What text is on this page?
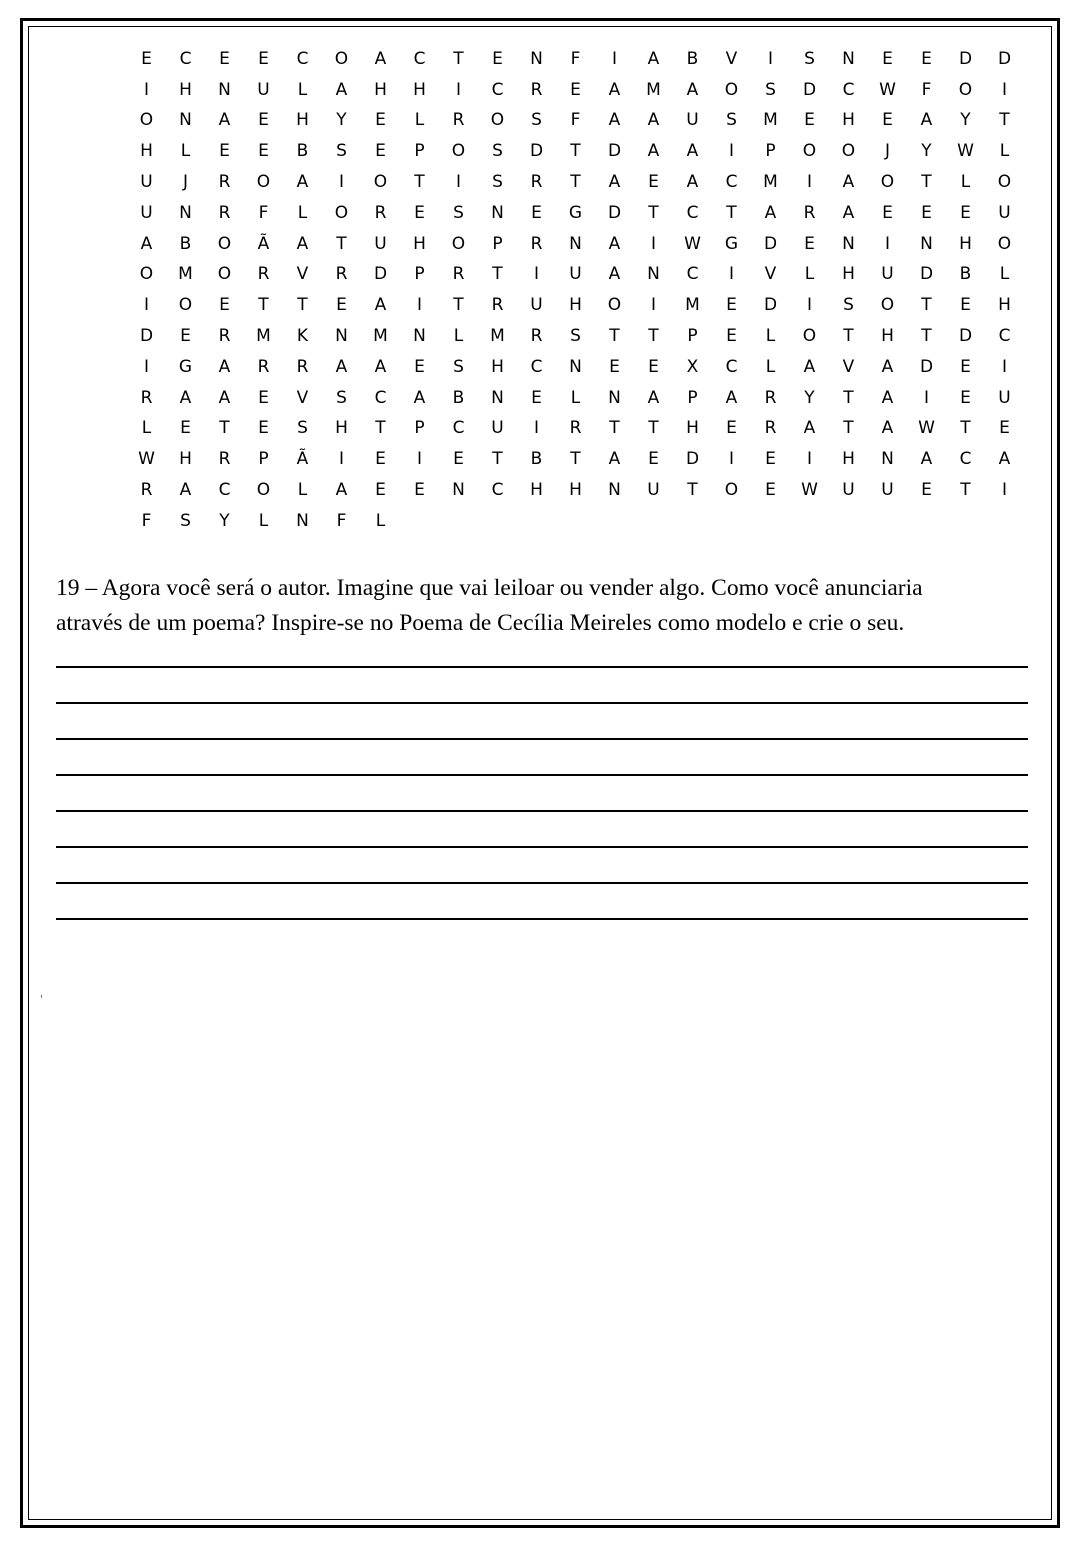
E	C	E	E	C	O	A	C	T	E	N	F	I	A	B	V	I	S	N	E	E	D	D
I	H	N	U	L	A	H	H	I	C	R	E	A	M	A	O	S	D	C	W	F	O	I
O	N	A	E	H	Y	E	L	R	O	S	F	A	A	U	S	M	E	H	E	A	Y	T
H	L	E	E	B	S	E	P	O	S	D	T	D	A	A	I	P	O	O	J	Y	W	L
U	J	R	O	A	I	O	T	I	S	R	T	A	E	A	C	M	I	A	O	T	L	O
U	N	R	F	L	O	R	E	S	N	E	G	D	T	C	T	A	R	A	E	E	E	U
A	B	O	Ã	A	T	U	H	O	P	R	N	A	I	W	G	D	E	N	I	N	H	O
O	M	O	R	V	R	D	P	R	T	I	U	A	N	C	I	V	L	H	U	D	B	L
I	O	E	T	T	E	A	I	T	R	U	H	O	I	M	E	D	I	S	O	T	E	H
D	E	R	M	K	N	M	N	L	M	R	S	T	T	P	E	L	O	T	H	T	D	C
I	G	A	R	R	A	A	E	S	H	C	N	E	E	X	C	L	A	V	A	D	E	I
R	A	A	E	V	S	C	A	B	N	E	L	N	A	P	A	R	Y	T	A	I	E	U
L	E	T	E	S	H	T	P	C	U	I	R	T	T	H	E	R	A	T	A	W	T	E
W	H	R	P	Ã	I	E	I	E	T	B	T	A	E	D	I	E	I	H	N	A	C	A
R	A	C	O	L	A	E	E	N	C	H	H	N	U	T	O	E	W	U	U	E	T	I
F	S	Y	L	N	F	L
19 – Agora você será o autor. Imagine que vai leiloar ou vender algo. Como você anunciaria
através de um poema? Inspire-se no Poema de Cecília Meireles como modelo e crie o seu.
